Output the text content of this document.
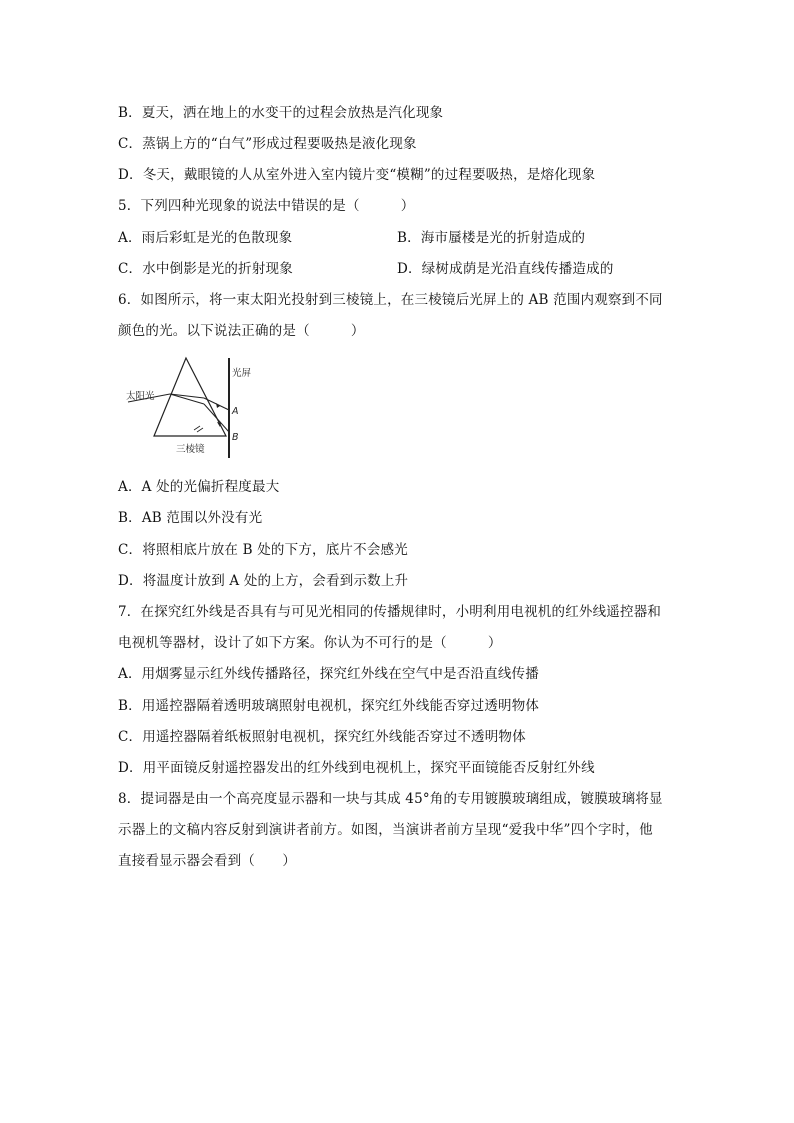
B．夏天，洒在地上的水变干的过程会放热是汽化现象
C．蒸锅上方的“白气”形成过程要吸热是液化现象
D．冬天，戴眼镜的人从室外进入室内镜片变“模糊”的过程要吸热，是熔化现象
5．下列四种光现象的说法中错误的是（　　　）
A．雨后彩虹是光的色散现象	B．海市蜃楼是光的折射造成的
C．水中倒影是光的折射现象	D．绿树成荫是光沿直线传播造成的
6．如图所示，将一束太阳光投射到三棱镜上，在三棱镜后光屏上的 AB 范围内观察到不同
颜色的光。以下说法正确的是（　　　）
太阳光
光屏
A
B
三棱镜
A．A 处的光偏折程度最大
B．AB 范围以外没有光
C．将照相底片放在 B 处的下方，底片不会感光
D．将温度计放到 A 处的上方，会看到示数上升
7．在探究红外线是否具有与可见光相同的传播规律时，小明利用电视机的红外线遥控器和
电视机等器材，设计了如下方案。你认为不可行的是（　　　）
A．用烟雾显示红外线传播路径，探究红外线在空气中是否沿直线传播
B．用遥控器隔着透明玻璃照射电视机，探究红外线能否穿过透明物体
C．用遥控器隔着纸板照射电视机，探究红外线能否穿过不透明物体
D．用平面镜反射遥控器发出的红外线到电视机上，探究平面镜能否反射红外线
8．提词器是由一个高亮度显示器和一块与其成 45°角的专用镀膜玻璃组成，镀膜玻璃将显
示器上的文稿内容反射到演讲者前方。如图，当演讲者前方呈现“爱我中华”四个字时，他
直接看显示器会看到（　　）
